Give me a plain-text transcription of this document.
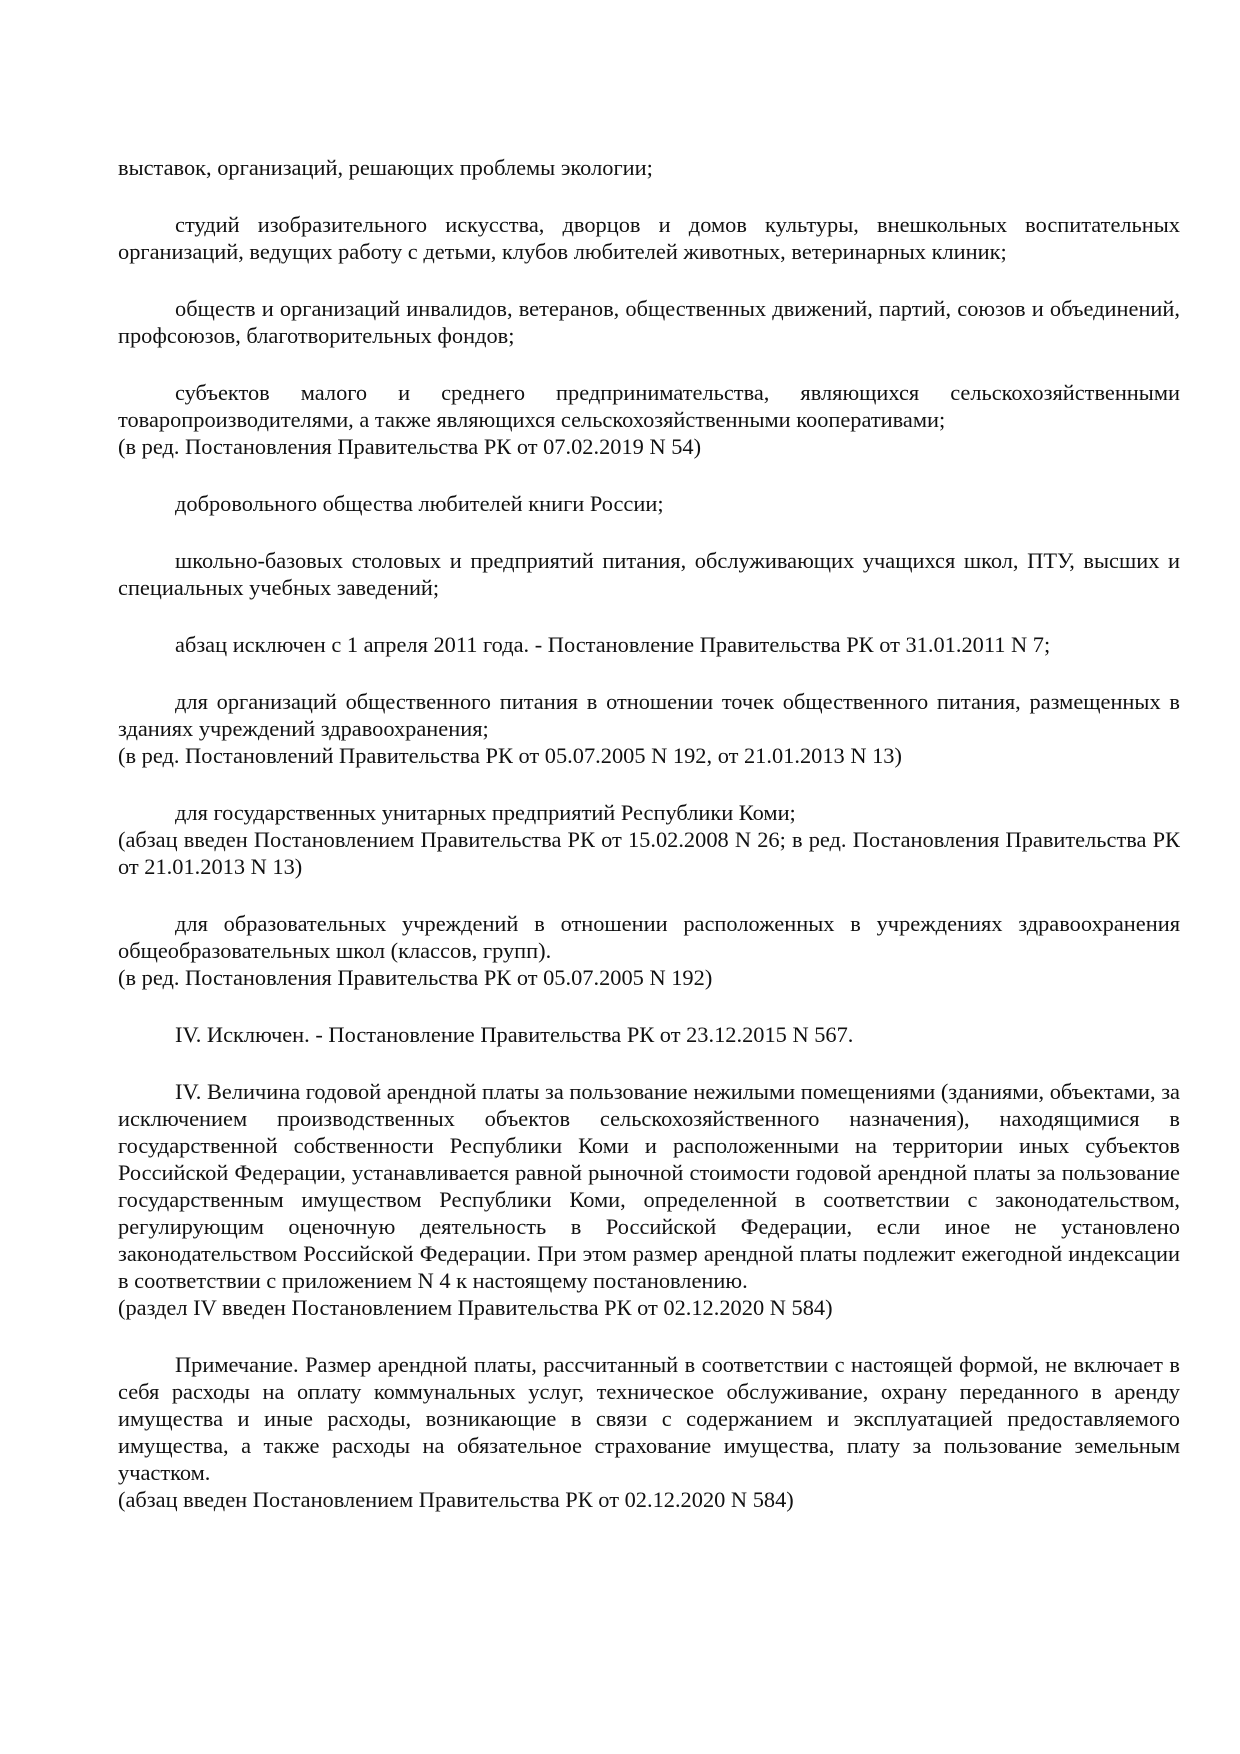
выставок, организаций, решающих проблемы экологии;

студий изобразительного искусства, дворцов и домов культуры, внешкольных воспитательных организаций, ведущих работу с детьми, клубов любителей животных, ветеринарных клиник;

обществ и организаций инвалидов, ветеранов, общественных движений, партий, союзов и объединений, профсоюзов, благотворительных фондов;

субъектов малого и среднего предпринимательства, являющихся сельскохозяйственными товаропроизводителями, а также являющихся сельскохозяйственными кооперативами;

(в ред. Постановления Правительства РК от 07.02.2019 N 54)

добровольного общества любителей книги России;

школьно-базовых столовых и предприятий питания, обслуживающих учащихся школ, ПТУ, высших и специальных учебных заведений;

абзац исключен с 1 апреля 2011 года. - Постановление Правительства РК от 31.01.2011 N 7;

для организаций общественного питания в отношении точек общественного питания, размещенных в зданиях учреждений здравоохранения;

(в ред. Постановлений Правительства РК от 05.07.2005 N 192, от 21.01.2013 N 13)

для государственных унитарных предприятий Республики Коми;

(абзац введен Постановлением Правительства РК от 15.02.2008 N 26; в ред. Постановления Правительства РК от 21.01.2013 N 13)

для образовательных учреждений в отношении расположенных в учреждениях здравоохранения общеобразовательных школ (классов, групп).

(в ред. Постановления Правительства РК от 05.07.2005 N 192)

IV. Исключен. - Постановление Правительства РК от 23.12.2015 N 567.

IV. Величина годовой арендной платы за пользование нежилыми помещениями (зданиями, объектами, за исключением производственных объектов сельскохозяйственного назначения), находящимися в государственной собственности Республики Коми и расположенными на территории иных субъектов Российской Федерации, устанавливается равной рыночной стоимости годовой арендной платы за пользование государственным имуществом Республики Коми, определенной в соответствии с законодательством, регулирующим оценочную деятельность в Российской Федерации, если иное не установлено законодательством Российской Федерации. При этом размер арендной платы подлежит ежегодной индексации в соответствии с приложением N 4 к настоящему постановлению.

(раздел IV введен Постановлением Правительства РК от 02.12.2020 N 584)

Примечание. Размер арендной платы, рассчитанный в соответствии с настоящей формой, не включает в себя расходы на оплату коммунальных услуг, техническое обслуживание, охрану переданного в аренду имущества и иные расходы, возникающие в связи с содержанием и эксплуатацией предоставляемого имущества, а также расходы на обязательное страхование имущества, плату за пользование земельным участком.

(абзац введен Постановлением Правительства РК от 02.12.2020 N 584)
